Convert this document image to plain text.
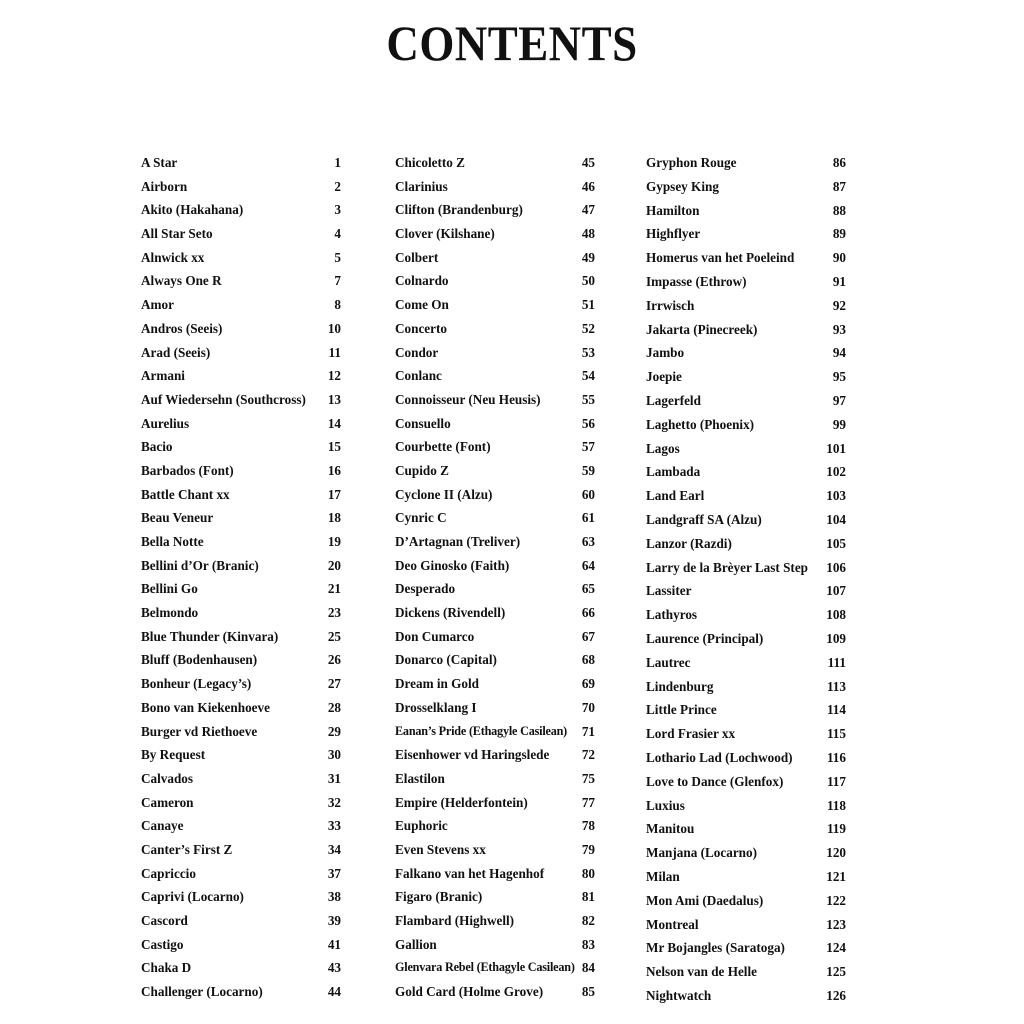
CONTENTS
A Star	1
Airborn	2
Akito (Hakahana)	3
All Star Seto	4
Alnwick xx	5
Always One R	7
Amor	8
Andros (Seeis)	10
Arad (Seeis)	11
Armani	12
Auf Wiedersehn (Southcross) 13
Aurelius	14
Bacio	15
Barbados (Font)	16
Battle Chant xx	17
Beau Veneur	18
Bella Notte	19
Bellini d’Or (Branic)	20
Bellini Go	21
Belmondo	23
Blue Thunder (Kinvara)	25
Bluff (Bodenhausen)	26
Bonheur (Legacy’s)	27
Bono van Kiekenhoeve	28
Burger vd Riethoeve	29
By Request	30
Calvados	31
Cameron	32
Canaye	33
Canter’s First Z	34
Capriccio	37
Caprivi (Locarno)	38
Cascord	39
Castigo	41
Chaka D	43
Challenger (Locarno)	44
Chicoletto Z	45
Clarinius	46
Clifton (Brandenburg)	47
Clover (Kilshane)	48
Colbert	49
Colnardo	50
Come On	51
Concerto	52
Condor	53
Conlanc	54
Connoisseur (Neu Heusis)	55
Consuello	56
Courbette (Font)	57
Cupido Z	59
Cyclone II (Alzu)	60
Cynric C	61
D’Artagnan (Treliver)	63
Deo Ginosko (Faith)	64
Desperado	65
Dickens (Rivendell)	66
Don Cumarco	67
Donarco (Capital)	68
Dream in Gold	69
Drosselklang I	70
Eanan’s Pride (Ethagyle Casilean) 71
Eisenhower vd Haringslede 72
Elastilon	75
Empire (Helderfontein)	77
Euphoric	78
Even Stevens xx	79
Falkano van het Hagenhof	80
Figaro (Branic)	81
Flambard (Highwell)	82
Gallion	83
Glenvara Rebel (Ethagyle Casilean) 84
Gold Card (Holme Grove)	85
Gryphon Rouge	86
Gypsey King	87
Hamilton	88
Highflyer	89
Homerus van het Poeleind	90
Impasse (Ethrow)	91
Irrwisch	92
Jakarta (Pinecreek)	93
Jambo	94
Joepie	95
Lagerfeld	97
Laghetto (Phoenix)	99
Lagos	101
Lambada	102
Land Earl	103
Landgraff SA (Alzu)	104
Lanzor (Razdi)	105
Larry de la Brèyer Last Step 106
Lassiter	107
Lathyros	108
Laurence (Principal)	109
Lautrec	111
Lindenburg	113
Little Prince	114
Lord Frasier xx	115
Lothario Lad (Lochwood)	116
Love to Dance (Glenfox)	117
Luxius	118
Manitou	119
Manjana (Locarno)	120
Milan	121
Mon Ami (Daedalus)	122
Montreal	123
Mr Bojangles (Saratoga)	124
Nelson van de Helle	125
Nightwatch	126
